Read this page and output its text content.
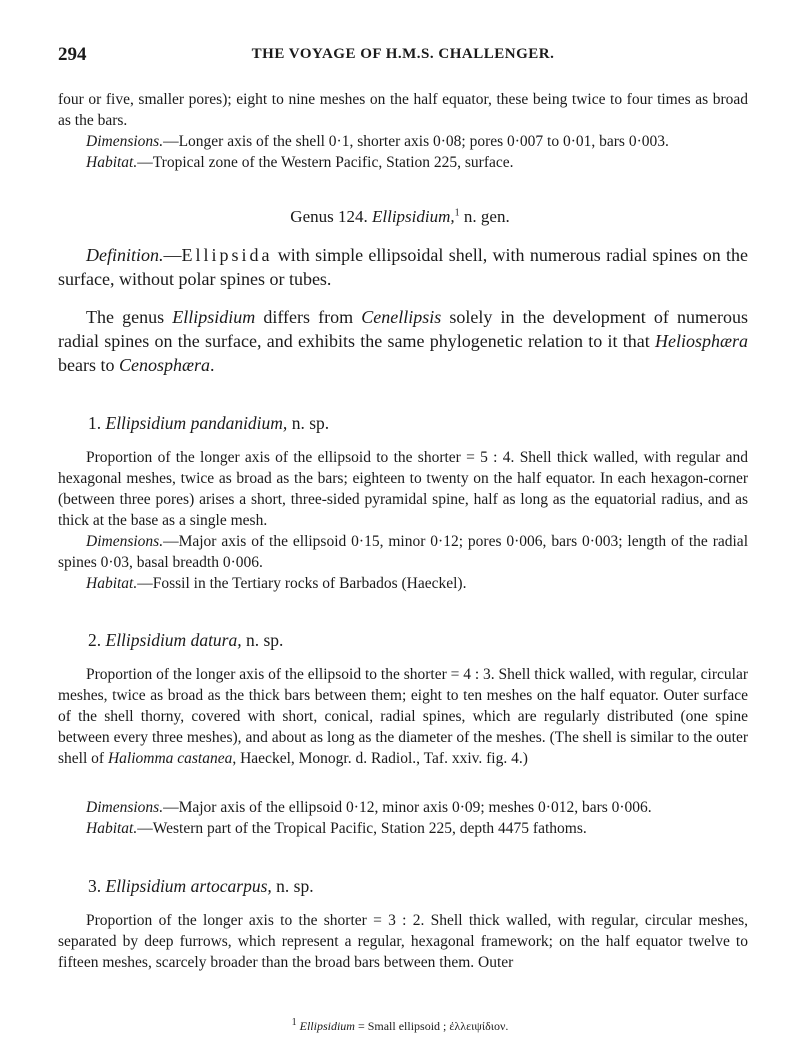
294	THE VOYAGE OF H.M.S. CHALLENGER.

four or five, smaller pores); eight to nine meshes on the half equator, these being twice to four times as broad as the bars.

Dimensions.—Longer axis of the shell 0·1, shorter axis 0·08; pores 0·007 to 0·01, bars 0·003.

Habitat.—Tropical zone of the Western Pacific, Station 225, surface.

Genus 124. Ellipsidium,$^1$ n. gen.

Definition.—Ellipsida with simple ellipsoidal shell, with numerous radial spines on the surface, without polar spines or tubes.

The genus Ellipsidium differs from Cenellipsis solely in the development of numerous radial spines on the surface, and exhibits the same phylogenetic relation to it that Heliosphæra bears to Cenosphæra.

1. Ellipsidium pandanidium, n. sp.

Proportion of the longer axis of the ellipsoid to the shorter = 5 : 4. Shell thick walled, with regular and hexagonal meshes, twice as broad as the bars; eighteen to twenty on the half equator. In each hexagon-corner (between three pores) arises a short, three-sided pyramidal spine, half as long as the equatorial radius, and as thick at the base as a single mesh.

Dimensions.—Major axis of the ellipsoid 0·15, minor 0·12; pores 0·006, bars 0·003; length of the radial spines 0·03, basal breadth 0·006.

Habitat.—Fossil in the Tertiary rocks of Barbados (Haeckel).

2. Ellipsidium datura, n. sp.

Proportion of the longer axis of the ellipsoid to the shorter = 4 : 3. Shell thick walled, with regular, circular meshes, twice as broad as the thick bars between them; eight to ten meshes on the half equator. Outer surface of the shell thorny, covered with short, conical, radial spines, which are regularly distributed (one spine between every three meshes), and about as long as the diameter of the meshes. (The shell is similar to the outer shell of Haliomma castanea, Haeckel, Monogr. d. Radiol., Taf. xxiv. fig. 4.)

Dimensions.—Major axis of the ellipsoid 0·12, minor axis 0·09; meshes 0·012, bars 0·006.

Habitat.—Western part of the Tropical Pacific, Station 225, depth 4475 fathoms.

3. Ellipsidium artocarpus, n. sp.

Proportion of the longer axis to the shorter = 3 : 2. Shell thick walled, with regular, circular meshes, separated by deep furrows, which represent a regular, hexagonal framework; on the half equator twelve to fifteen meshes, scarcely broader than the broad bars between them. Outer

$^1$ Ellipsidium = Small ellipsoid ; ἐλλειψίδιον.
